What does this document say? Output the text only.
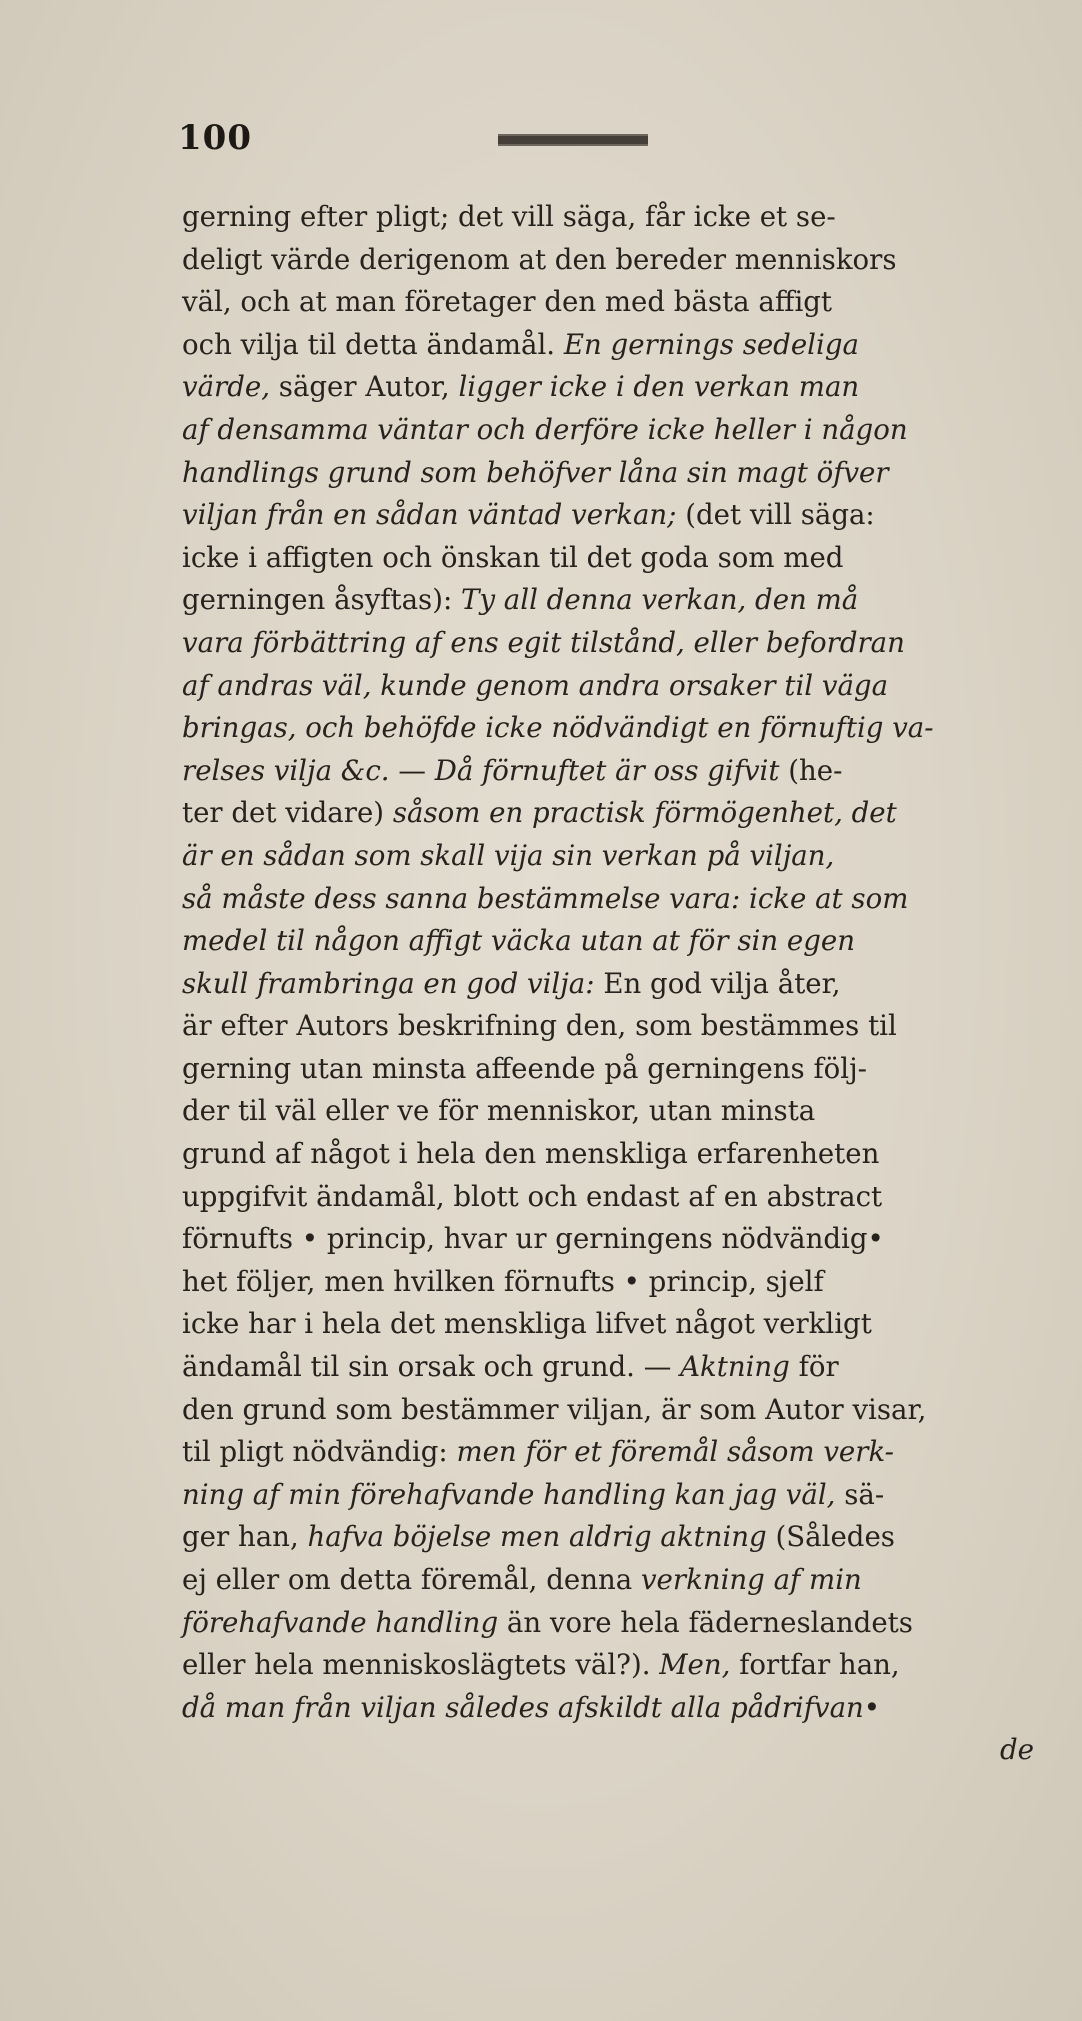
100
gerning efter pligt; det vill säga, får icke et se-
deligt värde derigenom at den bereder menniskors
väl, och at man företager den med bästa affigt
och vilja til detta ändamål. En gernings sedeliga
värde, säger Autor, ligger icke i den verkan man
af densamma väntar och derföre icke heller i någon
handlings grund som behöfver låna sin magt öfver
viljan från en sådan väntad verkan; (det vill säga:
icke i affigten och önskan til det goda som med
gerningen åsyftas): Ty all denna verkan, den må
vara förbättring af ens egit tilstånd, eller befordran
af andras väl, kunde genom andra orsaker til väga
bringas, och behöfde icke nödvändigt en förnuftig va-
relses vilja &c. — Då förnuftet är oss gifvit (he-
ter det vidare) såsom en practisk förmögenhet, det
är en sådan som skall vija sin verkan på viljan,
så måste dess sanna bestämmelse vara: icke at som
medel til någon affigt väcka utan at för sin egen
skull frambringa en god vilja: En god vilja åter,
är efter Autors beskrifning den, som bestämmes til
gerning utan minsta affeende på gerningens följ-
der til väl eller ve för menniskor, utan minsta
grund af något i hela den menskliga erfarenheten
uppgifvit ändamål, blott och endast af en abstract
förnufts • princip, hvar ur gerningens nödvändig•
het följer, men hvilken förnufts • princip, sjelf
icke har i hela det menskliga lifvet något verkligt
ändamål til sin orsak och grund. — Aktning för
den grund som bestämmer viljan, är som Autor visar,
til pligt nödvändig: men för et föremål såsom verk-
ning af min förehafvande handling kan jag väl, sä-
ger han, hafva böjelse men aldrig aktning (Således
ej eller om detta föremål, denna verkning af min
förehafvande handling än vore hela fäderneslandets
eller hela menniskoslägtets väl?). Men, fortfar han,
då man från viljan således afskildt alla pådrifvan•
de
